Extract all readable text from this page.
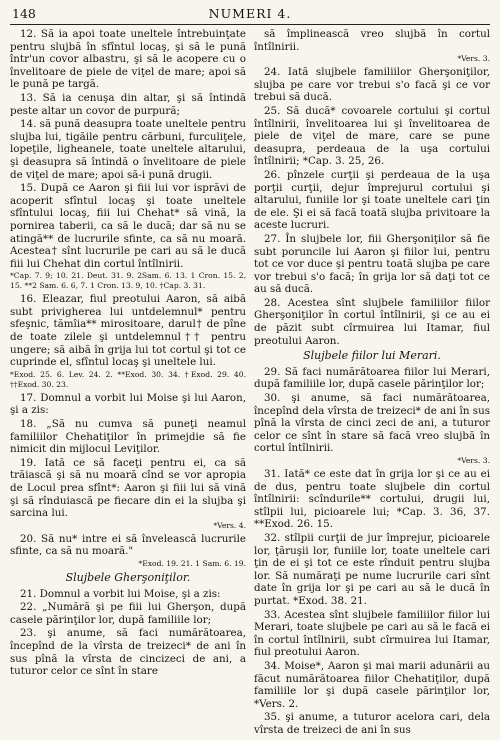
148	NUMERI 4.

12. Să ia apoi toate uneltele întrebuinţate pentru slujbă în sfîntul locaş, şi să le pună într'un covor albastru, şi să le acopere cu o învelitoare de piele de viţel de mare; apoi să le pună pe targă.

13. Să ia cenuşa din altar, şi să întindă peste altar un covor de purpură;

14. să pună deasupra toate uneltele pentru slujba lui, tigăile pentru cărbuni, furculiţele, lopeţile, ligheanele, toate uneltele altarului, şi deasupra să întindă o învelitoare de piele de viţel de mare; apoi să-i pună drugii.

15. După ce Aaron şi fiii lui vor isprăvi de acoperit sfîntul locaş şi toate uneltele sfîntului locaş, fiii lui Chehat* să vină, la pornirea taberii, ca să le ducă; dar să nu se atingă** de lucrurile sfinte, ca să nu moară. Acestea† sînt lucrurile pe cari au să le ducă fiii lui Chehat din cortul întîlnirii.

*Cap. 7. 9; 10. 21. Deut. 31. 9. 2Sam. 6. 13. 1 Cron. 15. 2, 15. **2 Sam. 6. 6, 7. 1 Cron. 13. 9, 10. †Cap. 3. 31.

16. Eleazar, fiul preotului Aaron, să aibă subt privigherea lui untdelemnul* pentru sfeşnic, tămîia** mirositoare, darul† de pîne de toate zilele şi untdelemnul†† pentru ungere; să aibă în grija lui tot cortul şi tot ce cuprinde el, sfîntul locaş şi uneltele lui.

*Exod. 25. 6. Lev. 24. 2. **Exod. 30. 34. †Exod. 29. 40. ††Exod. 30. 23.

17. Domnul a vorbit lui Moise şi lui Aaron, şi a zis:

18. „Să nu cumva să puneţi neamul familiilor Chehatiţilor în primejdie să fie nimicit din mijlocul Leviţilor.

19. Iată ce să faceţi pentru ei, ca să trăiască şi să nu moară cînd se vor apropia de Locul prea sfînt*: Aaron şi fiii lui să vină şi să rînduiască pe fiecare din ei la slujba şi sarcina lui.

*Vers. 4.

20. Să nu* intre ei să învelească lucrurile sfinte, ca să nu moară."

*Exod. 19. 21. 1 Sam. 6. 19.

Slujbele Gherşoniţilor.

21. Domnul a vorbit lui Moise, şi a zis:

22. „Numără şi pe fiii lui Gherşon, după casele părinţilor lor, după familiile lor;

23. şi anume, să faci numărătoarea, începînd de la vîrsta de treizeci* de ani în sus pînă la vîrsta de cincizeci de ani, a tuturor celor ce sînt în stare

să împlinească vreo slujbă în cortul întîlnirii.

*Vers. 3.

24. Iată slujbele familiilor Gherşoniţilor, slujba pe care vor trebui s'o facă şi ce vor trebui să ducă.

25. Să ducă* covoarele cortului şi cortul întîlnirii, învelitoarea lui şi învelitoarea de piele de viţel de mare, care se pune deasupra, perdeaua de la uşa cortului întîlnirii; *Cap. 3. 25, 26.

26. pînzele curţii şi perdeaua de la uşa porţii curţii, dejur împrejurul cortului şi altarului, funiile lor şi toate uneltele cari ţin de ele. Şi ei să facă toată slujba privitoare la aceste lucruri.

27. În slujbele lor, fiii Gherşoniţilor să fie subt poruncile lui Aaron şi fiilor lui, pentru tot ce vor duce şi pentru toată slujba pe care vor trebui s'o facă; în grija lor să daţi tot ce au să ducă.

28. Acestea sînt slujbele familiilor fiilor Gherşoniţilor în cortul întîlnirii, şi ce au ei de păzit subt cîrmuirea lui Itamar, fiul preotului Aaron.

Slujbele fiilor lui Merari.

29. Să faci numărătoarea fiilor lui Merari, după familiile lor, după casele părinţilor lor;

30. şi anume, să faci numărătoarea, începînd dela vîrsta de treizeci* de ani în sus pînă la vîrsta de cinci zeci de ani, a tuturor celor ce sînt în stare să facă vreo slujbă în cortul întîlnirii.

*Vers. 3.

31. Iată* ce este dat în grija lor şi ce au ei de dus, pentru toate slujbele din cortul întîlnirii: scîndurile** cortului, drugii lui, stîlpii lui, picioarele lui; *Cap. 3. 36, 37. **Exod. 26. 15.

32. stîlpii curţii de jur împrejur, picioarele lor, ţăruşii lor, funiile lor, toate uneltele cari ţin de ei şi tot ce este rînduit pentru slujba lor. Să număraţi pe nume lucrurile cari sînt date în grija lor şi pe cari au să le ducă în purtat. *Exod. 38. 21.

33. Acestea sînt slujbele familiilor fiilor lui Merari, toate slujbele pe cari au să le facă ei în cortul întîlnirii, subt cîrmuirea lui Itamar, fiul preotului Aaron.

34. Moise*, Aaron şi mai marii adunării au făcut numărătoarea fiilor Chehatiţilor, după familiile lor şi după casele părinţilor lor, *Vers. 2.

35. şi anume, a tuturor acelora cari, dela vîrsta de treizeci de ani în sus
